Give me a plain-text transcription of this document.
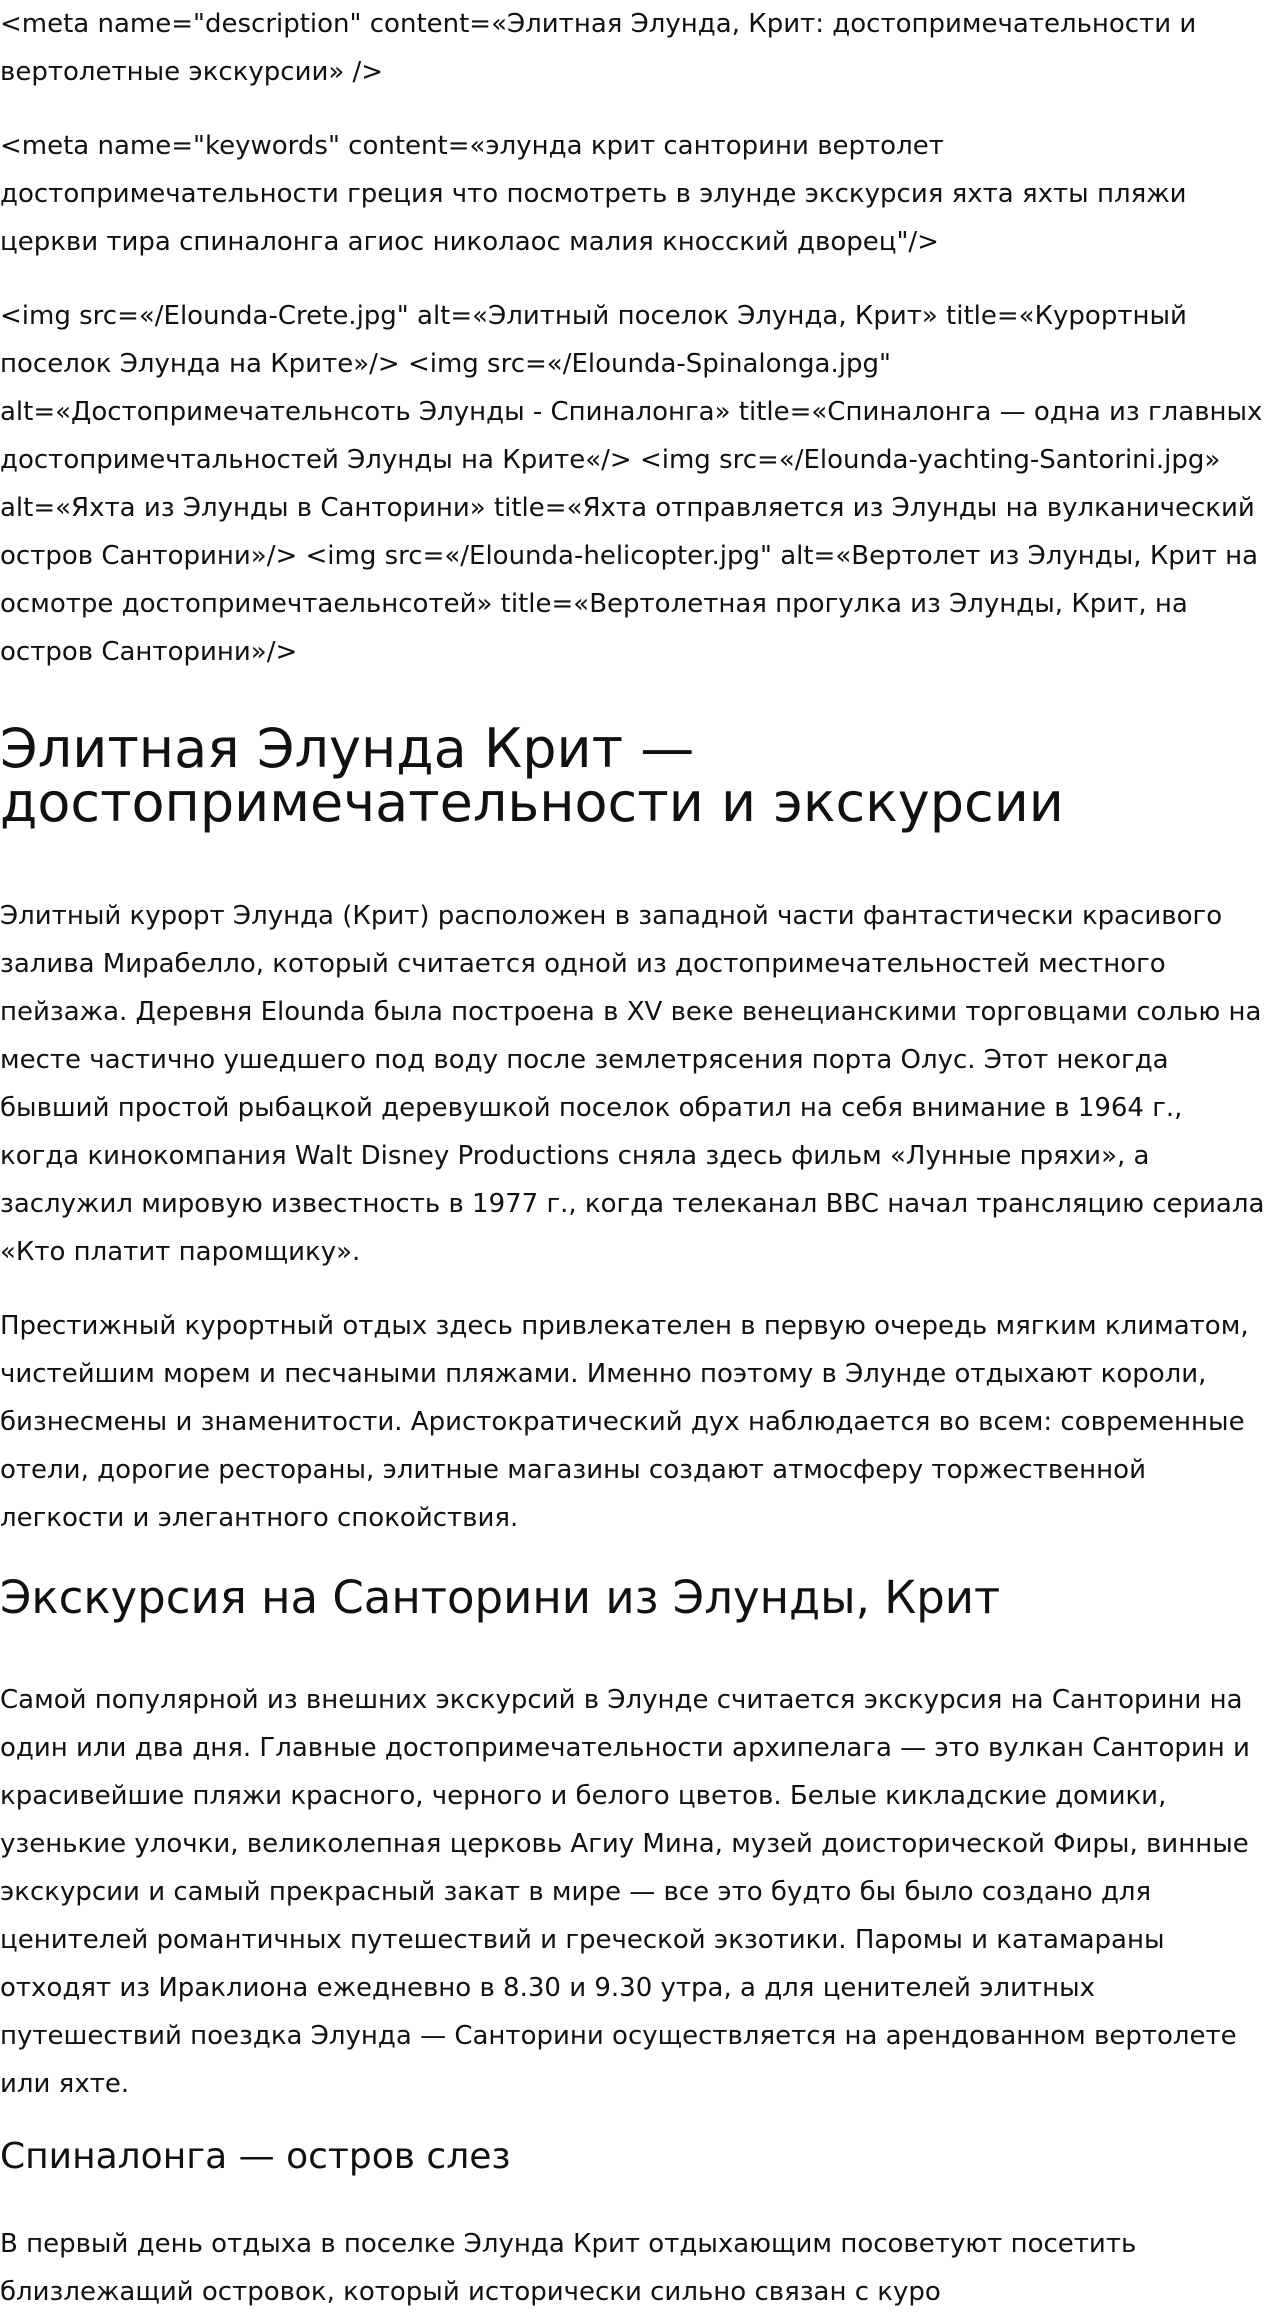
<meta name="description" content=«Элитная Элунда, Крит: достопримечательности и вертолетные экскурсии» />

<meta name="keywords" content=«элунда крит санторини вертолет достопримечательности греция что посмотреть в элунде экскурсия яхта яхты пляжи церкви тира спиналонга агиос николаос малия кносский дворец"/>

<img src=«/Elounda-Crete.jpg" alt=«Элитный поселок Элунда, Крит» title=«Курортный поселок Элунда на Крите»/> <img src=«/Elounda-Spinalonga.jpg" alt=«Достопримечательнсоть Элунды - Спиналонга» title=«Спиналонга — одна из главных достопримечтальностей Элунды на Крите«/> <img src=«/Elounda-yachting-Santorini.jpg» alt=«Яхта из Элунды в Санторини» title=«Яхта отправляется из Элунды на вулканический остров Санторини»/> <img src=«/Elounda-helicopter.jpg" alt=«Вертолет из Элунды, Крит на осмотре достопримечтаельнсотей» title=«Вертолетная прогулка из Элунды, Крит, на остров Санторини»/>

Элитная Элунда Крит — достопримечательности и экскурсии

Элитный курорт Элунда (Крит) расположен в западной части фантастически красивого залива Мирабелло, который считается одной из достопримечательностей местного пейзажа. Деревня Elounda была построена в XV веке венецианскими торговцами солью на месте частично ушедшего под воду после землетрясения порта Олус. Этот некогда бывший простой рыбацкой деревушкой поселок обратил на себя внимание в 1964 г., когда кинокомпания Walt Disney Productions сняла здесь фильм «Лунные пряхи», а заслужил мировую известность в 1977 г., когда телеканал BBC начал трансляцию сериала «Кто платит паромщику».

Престижный курортный отдых здесь привлекателен в первую очередь мягким климатом, чистейшим морем и песчаными пляжами. Именно поэтому в Элунде отдыхают короли, бизнесмены и знаменитости. Аристократический дух наблюдается во всем: современные отели, дорогие рестораны, элитные магазины создают атмосферу торжественной легкости и элегантного спокойствия.

Экскурсия на Санторини из Элунды, Крит

Самой популярной из внешних экскурсий в Элунде считается экскурсия на Санторини на один или два дня. Главные достопримечательности архипелага — это вулкан Санторин и красивейшие пляжи красного, черного и белого цветов. Белые кикладские домики, узенькие улочки, великолепная церковь Агиу Мина, музей доисторической Фиры, винные экскурсии и самый прекрасный закат в мире — все это будто бы было создано для ценителей романтичных путешествий и греческой экзотики. Паромы и катамараны отходят из Ираклиона ежедневно в 8.30 и 9.30 утра, а для ценителей элитных путешествий поездка Элунда — Санторини осуществляется на арендованном вертолете или яхте.

Спиналонга — остров слез

В первый день отдыха в поселке Элунда Крит отдыхающим посоветуют посетить близлежащий островок, который исторически сильно связан с куро
